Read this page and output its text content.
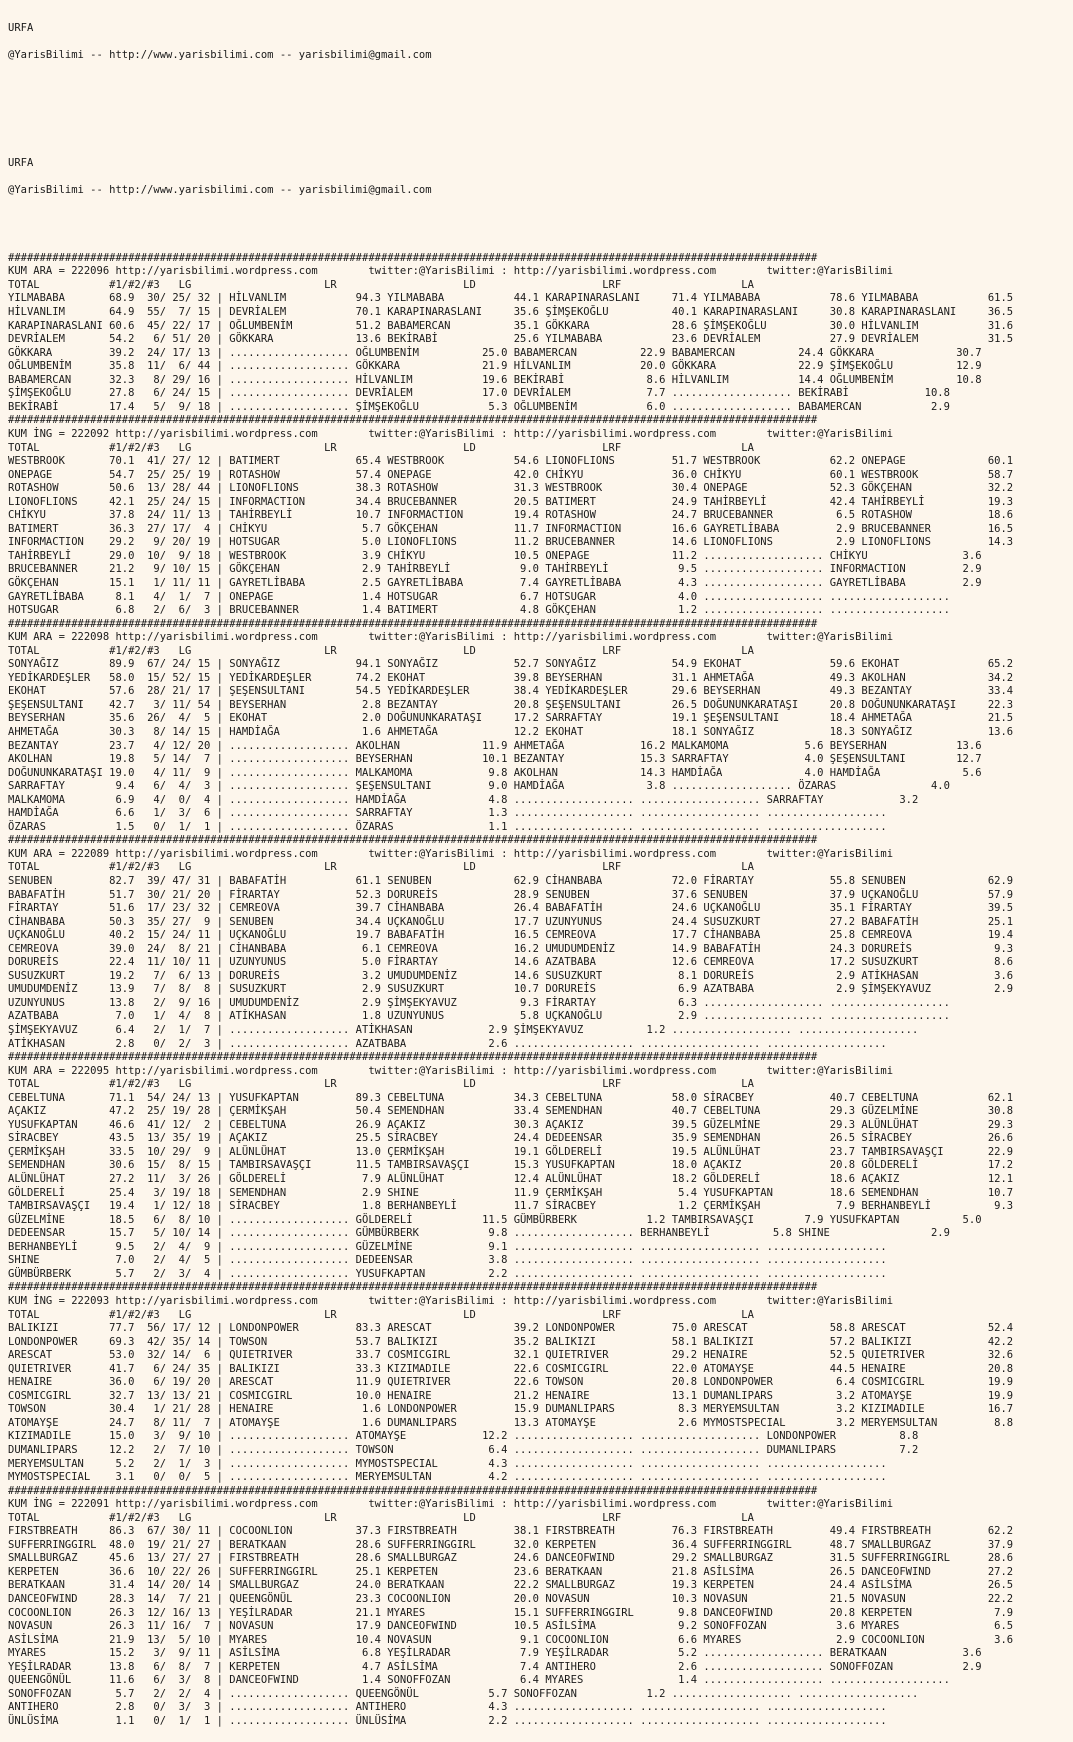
URFA

@YarisBilimi -- http://www.yarisbilimi.com -- yarisbilimi@gmail.com

URFA

@YarisBilimi -- http://www.yarisbilimi.com -- yarisbilimi@gmail.com

################################################################################################################################
KUM ARA = 222096 http://yarisbilimi.wordpress.com        twitter:@YarisBilimi : http://yarisbilimi.wordpress.com        twitter:@YarisBilimi
TOTAL           #1/#2/#3   LG                     LR                    LD                    LRF                   LA
YILMABABA       68.9  30/ 25/ 32 | HİLVANLIM           94.3 YILMABABA           44.1 KARAPINARASLANI     71.4 YILMABABA           78.6 YILMABABA           61.5
HİLVANLIM       64.9  55/  7/ 15 | DEVRİALEM           70.1 KARAPINARASLANI     35.6 ŞİMŞEKOĞLU          40.1 KARAPINARASLANI     30.8 KARAPINARASLANI     36.5
KARAPINARASLANI 60.6  45/ 22/ 17 | OĞLUMBENİM          51.2 BABAMERCAN          35.1 GÖKKARA             28.6 ŞİMŞEKOĞLU          30.0 HİLVANLIM           31.6
DEVRİALEM       54.2   6/ 51/ 20 | GÖKKARA             13.6 BEKİRABİ            25.6 YILMABABA           23.6 DEVRİALEM           27.9 DEVRİALEM           31.5
GÖKKARA         39.2  24/ 17/ 13 | ................... OĞLUMBENİM          25.0 BABAMERCAN          22.9 BABAMERCAN          24.4 GÖKKARA             30.7
OĞLUMBENİM      35.8  11/  6/ 44 | ................... GÖKKARA             21.9 HİLVANLIM           20.0 GÖKKARA             22.9 ŞİMŞEKOĞLU          12.9
BABAMERCAN      32.3   8/ 29/ 16 | ................... HİLVANLIM           19.6 BEKİRABİ             8.6 HİLVANLIM           14.4 OĞLUMBENİM          10.8
ŞİMŞEKOĞLU      27.8   6/ 24/ 15 | ................... DEVRİALEM           17.0 DEVRİALEM            7.7 ................... BEKİRABİ            10.8
BEKİRABİ        17.4   5/  9/ 18 | ................... ŞİMŞEKOĞLU           5.3 OĞLUMBENİM           6.0 ................... BABAMERCAN           2.9
################################################################################################################################
KUM İNG = 222092 http://yarisbilimi.wordpress.com        twitter:@YarisBilimi : http://yarisbilimi.wordpress.com        twitter:@YarisBilimi
TOTAL           #1/#2/#3   LG                     LR                    LD                    LRF                   LA
WESTBROOK       70.1  41/ 27/ 12 | BATIMERT            65.4 WESTBROOK           54.6 LIONOFLIONS         51.7 WESTBROOK           62.2 ONEPAGE             60.1
ONEPAGE         54.7  25/ 25/ 19 | ROTASHOW            57.4 ONEPAGE             42.0 CHİKYU              36.0 CHİKYU              60.1 WESTBROOK           58.7
ROTASHOW        50.6  13/ 28/ 44 | LIONOFLIONS         38.3 ROTASHOW            31.3 WESTBROOK           30.4 ONEPAGE             52.3 GÖKÇEHAN            32.2
LIONOFLIONS     42.1  25/ 24/ 15 | INFORMACTION        34.4 BRUCEBANNER         20.5 BATIMERT            24.9 TAHİRBEYLİ          42.4 TAHİRBEYLİ          19.3
CHİKYU          37.8  24/ 11/ 13 | TAHİRBEYLİ          10.7 INFORMACTION        19.4 ROTASHOW            24.7 BRUCEBANNER          6.5 ROTASHOW            18.6
BATIMERT        36.3  27/ 17/  4 | CHİKYU               5.7 GÖKÇEHAN            11.7 INFORMACTION        16.6 GAYRETLİBABA         2.9 BRUCEBANNER         16.5
INFORMACTION    29.2   9/ 20/ 19 | HOTSUGAR             5.0 LIONOFLIONS         11.2 BRUCEBANNER         14.6 LIONOFLIONS          2.9 LIONOFLIONS         14.3
TAHİRBEYLİ      29.0  10/  9/ 18 | WESTBROOK            3.9 CHİKYU              10.5 ONEPAGE             11.2 ................... CHİKYU               3.6
BRUCEBANNER     21.2   9/ 10/ 15 | GÖKÇEHAN             2.9 TAHİRBEYLİ           9.0 TAHİRBEYLİ           9.5 ................... INFORMACTION         2.9
GÖKÇEHAN        15.1   1/ 11/ 11 | GAYRETLİBABA         2.5 GAYRETLİBABA         7.4 GAYRETLİBABA         4.3 ................... GAYRETLİBABA         2.9
GAYRETLİBABA     8.1   4/  1/  7 | ONEPAGE              1.4 HOTSUGAR             6.7 HOTSUGAR             4.0 ................... ...................
HOTSUGAR         6.8   2/  6/  3 | BRUCEBANNER          1.4 BATIMERT             4.8 GÖKÇEHAN             1.2 ................... ...................
################################################################################################################################
KUM ARA = 222098 http://yarisbilimi.wordpress.com        twitter:@YarisBilimi : http://yarisbilimi.wordpress.com        twitter:@YarisBilimi
TOTAL           #1/#2/#3   LG                     LR                    LD                    LRF                   LA
SONYAĞIZ        89.9  67/ 24/ 15 | SONYAĞIZ            94.1 SONYAĞIZ            52.7 SONYAĞIZ            54.9 EKOHAT              59.6 EKOHAT              65.2
YEDİKARDEŞLER   58.0  15/ 52/ 15 | YEDİKARDEŞLER       74.2 EKOHAT              39.8 BEYSERHAN           31.1 AHMETAĞA            49.3 AKOLHAN             34.2
EKOHAT          57.6  28/ 21/ 17 | ŞEŞENSULTANI        54.5 YEDİKARDEŞLER       38.4 YEDİKARDEŞLER       29.6 BEYSERHAN           49.3 BEZANTAY            33.4
ŞEŞENSULTANI    42.7   3/ 11/ 54 | BEYSERHAN            2.8 BEZANTAY            20.8 ŞEŞENSULTANI        26.5 DOĞUNUNKARATAŞI     20.8 DOĞUNUNKARATAŞI     22.3
BEYSERHAN       35.6  26/  4/  5 | EKOHAT               2.0 DOĞUNUNKARATAŞI     17.2 SARRAFTAY           19.1 ŞEŞENSULTANI        18.4 AHMETAĞA            21.5
AHMETAĞA        30.3   8/ 14/ 15 | HAMDİAĞA             1.6 AHMETAĞA            12.2 EKOHAT              18.1 SONYAĞIZ            18.3 SONYAĞIZ            13.6
BEZANTAY        23.7   4/ 12/ 20 | ................... AKOLHAN             11.9 AHMETAĞA            16.2 MALKAMOMA            5.6 BEYSERHAN           13.6
AKOLHAN         19.8   5/ 14/  7 | ................... BEYSERHAN           10.1 BEZANTAY            15.3 SARRAFTAY            4.0 ŞEŞENSULTANI        12.7
DOĞUNUNKARATAŞI 19.0   4/ 11/  9 | ................... MALKAMOMA            9.8 AKOLHAN             14.3 HAMDİAĞA             4.0 HAMDİAĞA             5.6
SARRAFTAY        9.4   6/  4/  3 | ................... ŞEŞENSULTANI         9.0 HAMDİAĞA             3.8 ................... ÖZARAS               4.0
MALKAMOMA        6.9   4/  0/  4 | ................... HAMDİAĞA             4.8 ................... ................... SARRAFTAY            3.2
HAMDİAĞA         6.6   1/  3/  6 | ................... SARRAFTAY            1.3 ................... ................... ...................
ÖZARAS           1.5   0/  1/  1 | ................... ÖZARAS               1.1 ................... ................... ...................
################################################################################################################################
KUM ARA = 222089 http://yarisbilimi.wordpress.com        twitter:@YarisBilimi : http://yarisbilimi.wordpress.com        twitter:@YarisBilimi
TOTAL           #1/#2/#3   LG                     LR                    LD                    LRF                   LA
SENUBEN         82.7  39/ 47/ 31 | BABAFATİH           61.1 SENUBEN             62.9 CİHANBABA           72.0 FİRARTAY            55.8 SENUBEN             62.9
BABAFATİH       51.7  30/ 21/ 20 | FİRARTAY            52.3 DORUREİS            28.9 SENUBEN             37.6 SENUBEN             37.9 UÇKANOĞLU           57.9
FİRARTAY        51.6  17/ 23/ 32 | CEMREOVA            39.7 CİHANBABA           26.4 BABAFATİH           24.6 UÇKANOĞLU           35.1 FİRARTAY            39.5
CİHANBABA       50.3  35/ 27/  9 | SENUBEN             34.4 UÇKANOĞLU           17.7 UZUNYUNUS           24.4 SUSUZKURT           27.2 BABAFATİH           25.1
UÇKANOĞLU       40.2  15/ 24/ 11 | UÇKANOĞLU           19.7 BABAFATİH           16.5 CEMREOVA            17.7 CİHANBABA           25.8 CEMREOVA            19.4
CEMREOVA        39.0  24/  8/ 21 | CİHANBABA            6.1 CEMREOVA            16.2 UMUDUMDENİZ         14.9 BABAFATİH           24.3 DORUREİS             9.3
DORUREİS        22.4  11/ 10/ 11 | UZUNYUNUS            5.0 FİRARTAY            14.6 AZATBABA            12.6 CEMREOVA            17.2 SUSUZKURT            8.6
SUSUZKURT       19.2   7/  6/ 13 | DORUREİS             3.2 UMUDUMDENİZ         14.6 SUSUZKURT            8.1 DORUREİS             2.9 ATİKHASAN            3.6
UMUDUMDENİZ     13.9   7/  8/  8 | SUSUZKURT            2.9 SUSUZKURT           10.7 DORUREİS             6.9 AZATBABA             2.9 ŞİMŞEKYAVUZ          2.9
UZUNYUNUS       13.8   2/  9/ 16 | UMUDUMDENİZ          2.9 ŞİMŞEKYAVUZ          9.3 FİRARTAY             6.3 ................... ...................
AZATBABA         7.0   1/  4/  8 | ATİKHASAN            1.8 UZUNYUNUS            5.8 UÇKANOĞLU            2.9 ................... ...................
ŞİMŞEKYAVUZ      6.4   2/  1/  7 | ................... ATİKHASAN            2.9 ŞİMŞEKYAVUZ          1.2 ................... ...................
ATİKHASAN        2.8   0/  2/  3 | ................... AZATBABA             2.6 ................... ................... ...................
################################################################################################################################
KUM ARA = 222095 http://yarisbilimi.wordpress.com        twitter:@YarisBilimi : http://yarisbilimi.wordpress.com        twitter:@YarisBilimi
TOTAL           #1/#2/#3   LG                     LR                    LD                    LRF                   LA
CEBELTUNA       71.1  54/ 24/ 13 | YUSUFKAPTAN         89.3 CEBELTUNA           34.3 CEBELTUNA           58.0 SİRACBEY            40.7 CEBELTUNA           62.1
AÇAKIZ          47.2  25/ 19/ 28 | ÇERMİKŞAH           50.4 SEMENDHAN           33.4 SEMENDHAN           40.7 CEBELTUNA           29.3 GÜZELMİNE           30.8
YUSUFKAPTAN     46.6  41/ 12/  2 | CEBELTUNA           26.9 AÇAKIZ              30.3 AÇAKIZ              39.5 GÜZELMİNE           29.3 ALÜNLÜHAT           29.3
SİRACBEY        43.5  13/ 35/ 19 | AÇAKIZ              25.5 SİRACBEY            24.4 DEDEENSAR           35.9 SEMENDHAN           26.5 SİRACBEY            26.6
ÇERMİKŞAH       33.5  10/ 29/  9 | ALÜNLÜHAT           13.0 ÇERMİKŞAH           19.1 GÖLDERELİ           19.5 ALÜNLÜHAT           23.7 TAMBIRSAVAŞÇI       22.9
SEMENDHAN       30.6  15/  8/ 15 | TAMBIRSAVAŞÇI       11.5 TAMBIRSAVAŞÇI       15.3 YUSUFKAPTAN         18.0 AÇAKIZ              20.8 GÖLDERELİ           17.2
ALÜNLÜHAT       27.2  11/  3/ 26 | GÖLDERELİ            7.9 ALÜNLÜHAT           12.4 ALÜNLÜHAT           18.2 GÖLDERELİ           18.6 AÇAKIZ              12.1
GÖLDERELİ       25.4   3/ 19/ 18 | SEMENDHAN            2.9 SHINE               11.9 ÇERMİKŞAH            5.4 YUSUFKAPTAN         18.6 SEMENDHAN           10.7
TAMBIRSAVAŞÇI   19.4   1/ 12/ 18 | SİRACBEY             1.8 BERHANBEYLİ         11.7 SİRACBEY             1.2 ÇERMİKŞAH            7.9 BERHANBEYLİ          9.3
GÜZELMİNE       18.5   6/  8/ 10 | ................... GÖLDERELİ           11.5 GÜMBÜRBERK           1.2 TAMBIRSAVAŞÇI        7.9 YUSUFKAPTAN          5.0
DEDEENSAR       15.7   5/ 10/ 14 | ................... GÜMBÜRBERK           9.8 ................... BERHANBEYLİ          5.8 SHINE                2.9
BERHANBEYLİ      9.5   2/  4/  9 | ................... GÜZELMİNE            9.1 ................... ................... ...................
SHINE            7.0   2/  4/  5 | ................... DEDEENSAR            3.8 ................... ................... ...................
GÜMBÜRBERK       5.7   2/  3/  4 | ................... YUSUFKAPTAN          2.2 ................... ................... ...................
################################################################################################################################
KUM İNG = 222093 http://yarisbilimi.wordpress.com        twitter:@YarisBilimi : http://yarisbilimi.wordpress.com        twitter:@YarisBilimi
TOTAL           #1/#2/#3   LG                     LR                    LD                    LRF                   LA
BALIKIZI        77.7  56/ 17/ 12 | LONDONPOWER         83.3 ARESCAT             39.2 LONDONPOWER         75.0 ARESCAT             58.8 ARESCAT             52.4
LONDONPOWER     69.3  42/ 35/ 14 | TOWSON              53.7 BALIKIZI            35.2 BALIKIZI            58.1 BALIKIZI            57.2 BALIKIZI            42.2
ARESCAT         53.0  32/ 14/  6 | QUIETRIVER          33.7 COSMICGIRL          32.1 QUIETRIVER          29.2 HENAIRE             52.5 QUIETRIVER          32.6
QUIETRIVER      41.7   6/ 24/ 35 | BALIKIZI            33.3 KIZIMADILE          22.6 COSMICGIRL          22.0 ATOMAYŞE            44.5 HENAIRE             20.8
HENAIRE         36.0   6/ 19/ 20 | ARESCAT             11.9 QUIETRIVER          22.6 TOWSON              20.8 LONDONPOWER          6.4 COSMICGIRL          19.9
COSMICGIRL      32.7  13/ 13/ 21 | COSMICGIRL          10.0 HENAIRE             21.2 HENAIRE             13.1 DUMANLIPARS          3.2 ATOMAYŞE            19.9
TOWSON          30.4   1/ 21/ 28 | HENAIRE              1.6 LONDONPOWER         15.9 DUMANLIPARS          8.3 MERYEMSULTAN         3.2 KIZIMADILE          16.7
ATOMAYŞE        24.7   8/ 11/  7 | ATOMAYŞE             1.6 DUMANLIPARS         13.3 ATOMAYŞE             2.6 MYMOSTSPECIAL        3.2 MERYEMSULTAN         8.8
KIZIMADILE      15.0   3/  9/ 10 | ................... ATOMAYŞE            12.2 ................... ................... LONDONPOWER          8.8
DUMANLIPARS     12.2   2/  7/ 10 | ................... TOWSON               6.4 ................... ................... DUMANLIPARS          7.2
MERYEMSULTAN     5.2   2/  1/  3 | ................... MYMOSTSPECIAL        4.3 ................... ................... ...................
MYMOSTSPECIAL    3.1   0/  0/  5 | ................... MERYEMSULTAN         4.2 ................... ................... ...................
################################################################################################################################
KUM İNG = 222091 http://yarisbilimi.wordpress.com        twitter:@YarisBilimi : http://yarisbilimi.wordpress.com        twitter:@YarisBilimi
TOTAL           #1/#2/#3   LG                     LR                    LD                    LRF                   LA
FIRSTBREATH     86.3  67/ 30/ 11 | COCOONLION          37.3 FIRSTBREATH         38.1 FIRSTBREATH         76.3 FIRSTBREATH         49.4 FIRSTBREATH         62.2
SUFFERRINGGIRL  48.0  19/ 21/ 27 | BERATKAAN           28.6 SUFFERRINGGIRL      32.0 KERPETEN            36.4 SUFFERRINGGIRL      48.7 SMALLBURGAZ         37.9
SMALLBURGAZ     45.6  13/ 27/ 27 | FIRSTBREATH         28.6 SMALLBURGAZ         24.6 DANCEOFWIND         29.2 SMALLBURGAZ         31.5 SUFFERRINGGIRL      28.6
KERPETEN        36.6  10/ 22/ 26 | SUFFERRINGGIRL      25.1 KERPETEN            23.6 BERATKAAN           21.8 ASİLSİMA            26.5 DANCEOFWIND         27.2
BERATKAAN       31.4  14/ 20/ 14 | SMALLBURGAZ         24.0 BERATKAAN           22.2 SMALLBURGAZ         19.3 KERPETEN            24.4 ASİLSİMA            26.5
DANCEOFWIND     28.3  14/  7/ 21 | QUEENGÖNÜL          23.3 COCOONLION          20.0 NOVASUN             10.3 NOVASUN             21.5 NOVASUN             22.2
COCOONLION      26.3  12/ 16/ 13 | YEŞİLRADAR          21.1 MYARES              15.1 SUFFERRINGGIRL       9.8 DANCEOFWIND         20.8 KERPETEN             7.9
NOVASUN         26.3  11/ 16/  7 | NOVASUN             17.9 DANCEOFWIND         10.5 ASİLSİMA             9.2 SONOFFOZAN           3.6 MYARES               6.5
ASİLSİMA        21.9  13/  5/ 10 | MYARES              10.4 NOVASUN              9.1 COCOONLION           6.6 MYARES               2.9 COCOONLION           3.6
MYARES          15.2   3/  9/ 11 | ASİLSİMA             6.8 YEŞİLRADAR           7.9 YEŞİLRADAR           5.2 ................... BERATKAAN            3.6
YEŞİLRADAR      13.8   6/  8/  7 | KERPETEN             4.7 ASİLSİMA             7.4 ANTIHERO             2.6 ................... SONOFFOZAN           2.9
QUEENGÖNÜL      11.6   6/  3/  8 | DANCEOFWIND          1.4 SONOFFOZAN           6.4 MYARES               1.4 ................... ...................
SONOFFOZAN       5.7   2/  2/  4 | ................... QUEENGÖNÜL           5.7 SONOFFOZAN           1.2 ................... ...................
ANTIHERO         2.8   0/  3/  3 | ................... ANTIHERO             4.3 ................... ................... ...................
ÜNLÜSİMA         1.1   0/  1/  1 | ................... ÜNLÜSİMA             2.2 ................... ................... ...................
